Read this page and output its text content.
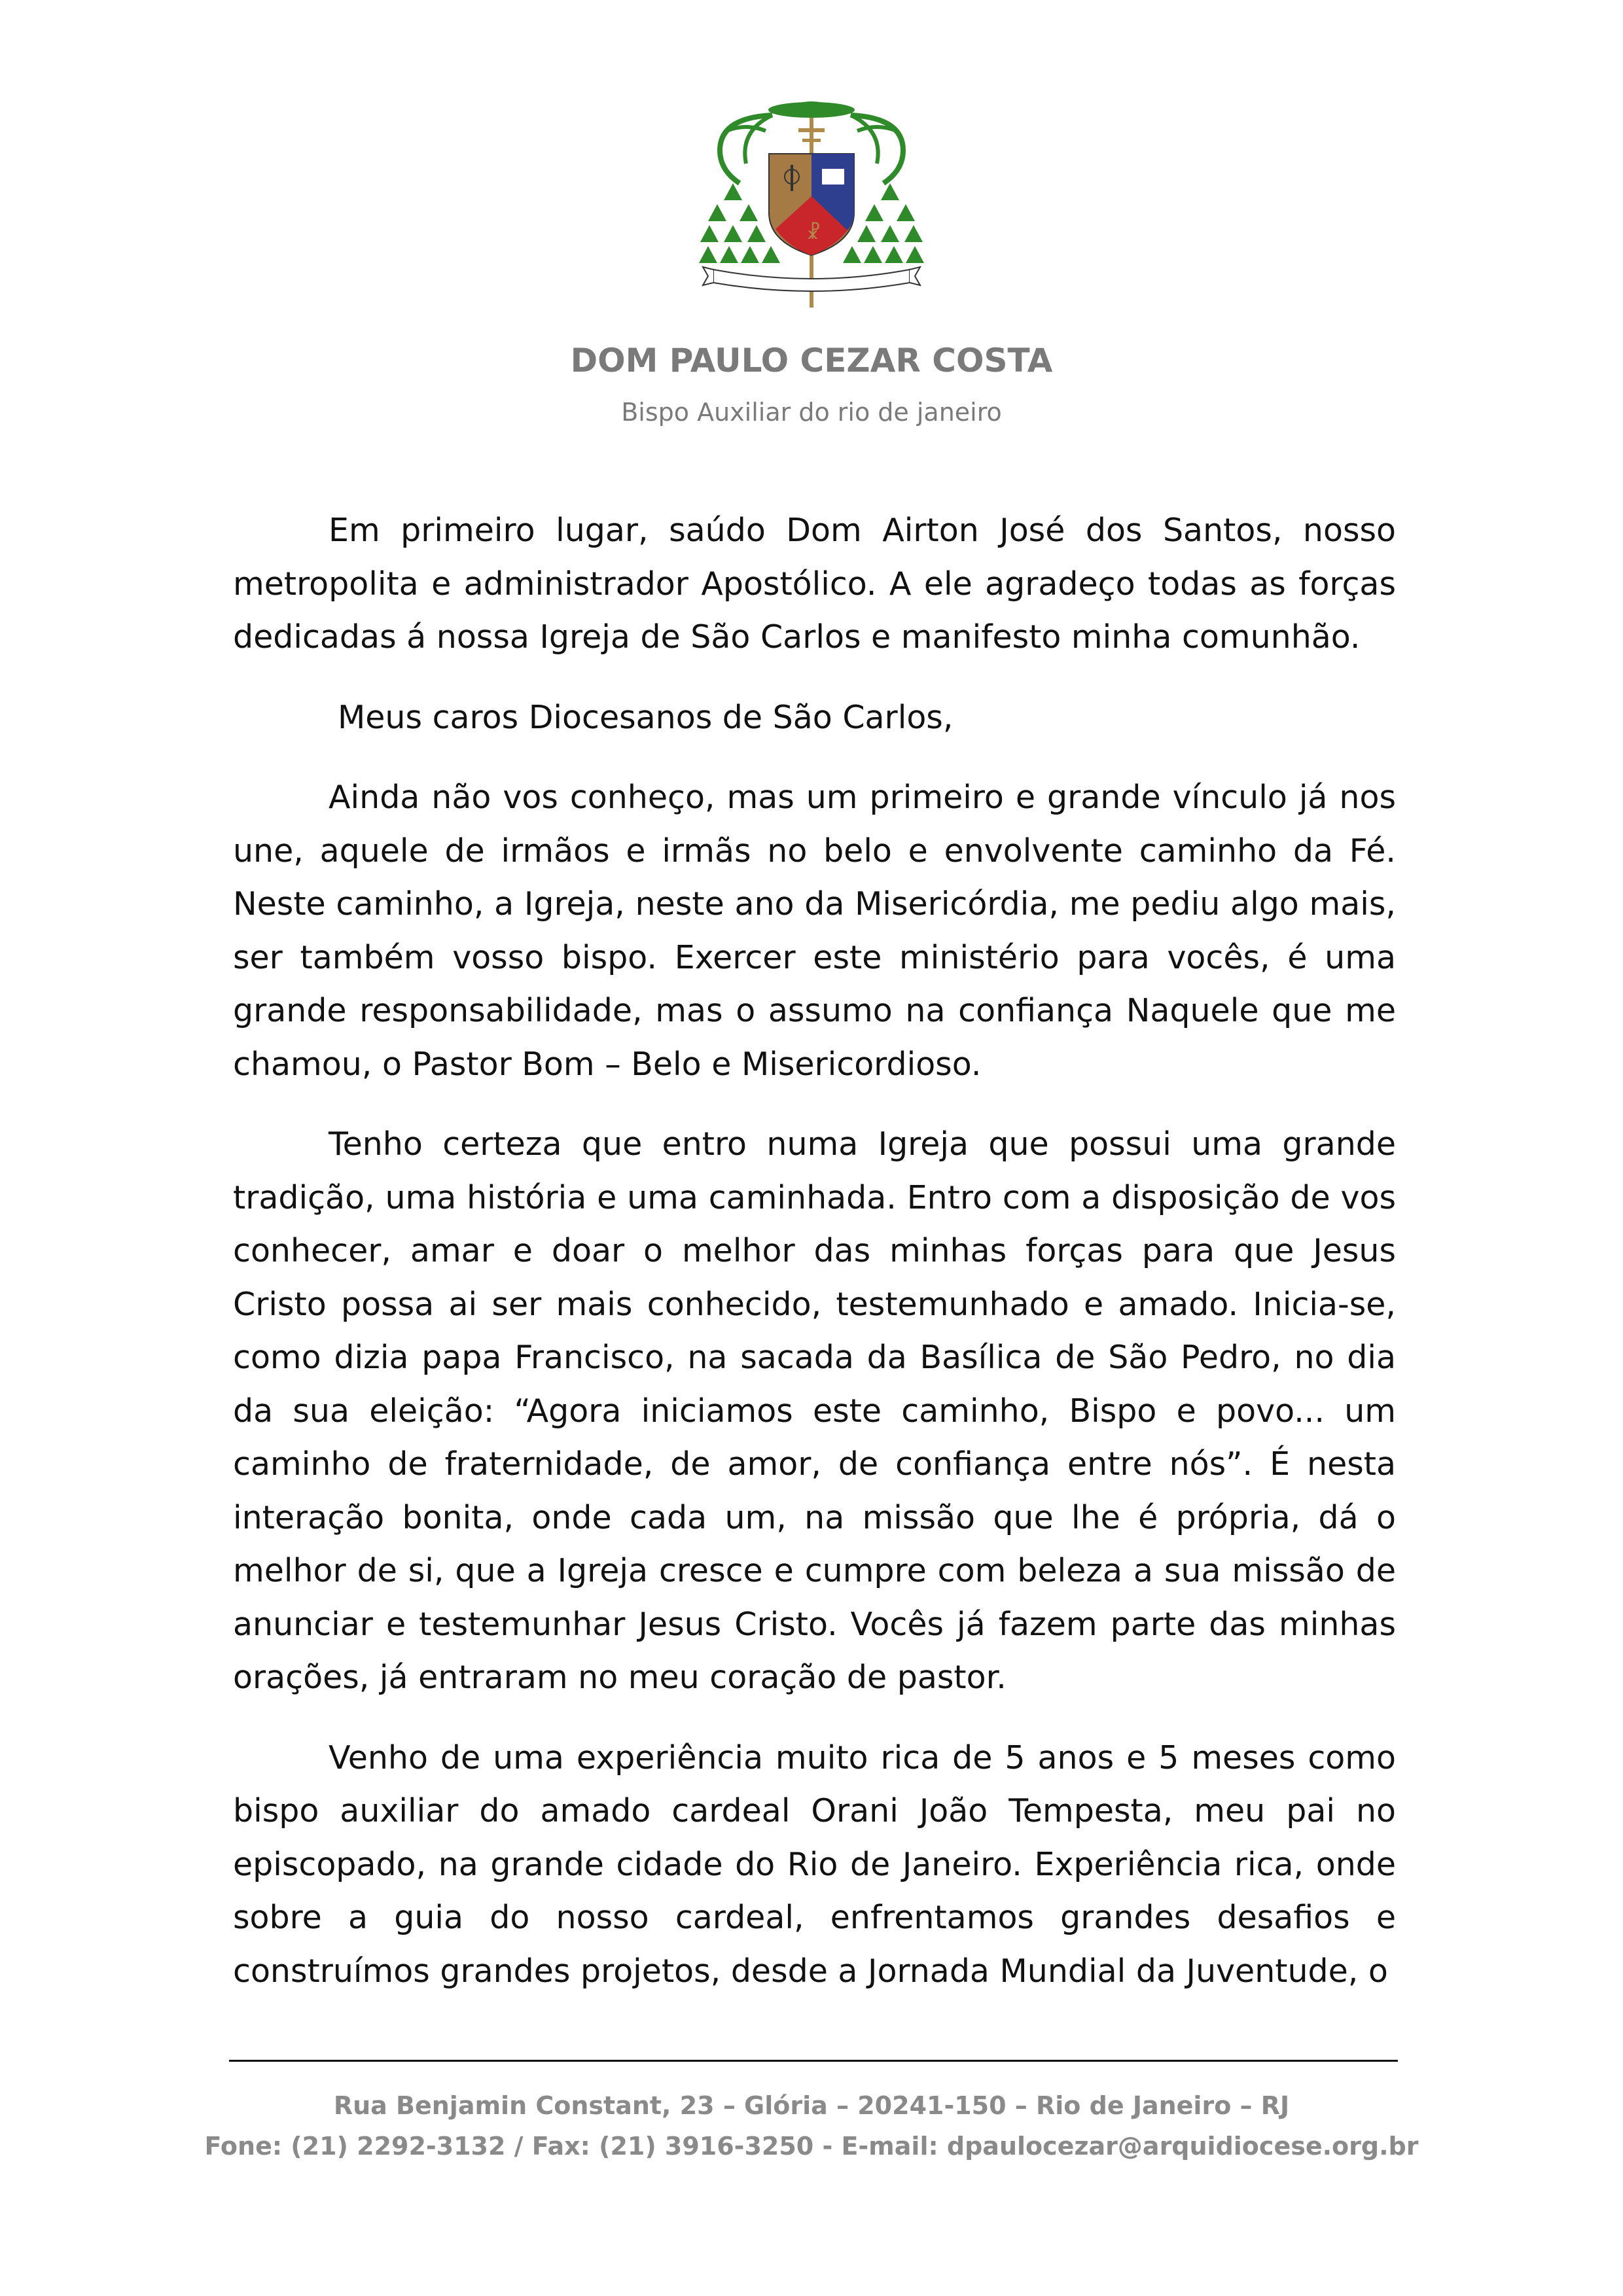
☧
DOM PAULO CEZAR COSTA
Bispo Auxiliar do rio de janeiro

Em primeiro lugar, saúdo Dom Airton José dos Santos, nosso metropolita e administrador Apostólico. A ele agradeço todas as forças dedicadas á nossa Igreja de São Carlos e manifesto minha comunhão.

Meus caros Diocesanos de São Carlos,

Ainda não vos conheço, mas um primeiro e grande vínculo já nos une, aquele de irmãos e irmãs no belo e envolvente caminho da Fé. Neste caminho, a Igreja, neste ano da Misericórdia, me pediu algo mais, ser também vosso bispo. Exercer este ministério para vocês, é uma grande responsabilidade, mas o assumo na confiança Naquele que me chamou, o Pastor Bom – Belo e Misericordioso.

Tenho certeza que entro numa Igreja que possui uma grande tradição, uma história e uma caminhada. Entro com a disposição de vos conhecer, amar e doar o melhor das minhas forças para que Jesus Cristo possa ai ser mais conhecido, testemunhado e amado. Inicia-se, como dizia papa Francisco, na sacada da Basílica de São Pedro, no dia da sua eleição: “Agora iniciamos este caminho, Bispo e povo... um caminho de fraternidade, de amor, de confiança entre nós”. É nesta interação bonita, onde cada um, na missão que lhe é própria, dá o melhor de si, que a Igreja cresce e cumpre com beleza a sua missão de anunciar e testemunhar Jesus Cristo. Vocês já fazem parte das minhas orações, já entraram no meu coração de pastor.

Venho de uma experiência muito rica de 5 anos e 5 meses como bispo auxiliar do amado cardeal Orani João Tempesta, meu pai no episcopado, na grande cidade do Rio de Janeiro. Experiência rica, onde sobre a guia do nosso cardeal, enfrentamos grandes desafios e construímos grandes projetos, desde a Jornada Mundial da Juventude, o

Rua Benjamin Constant, 23 – Glória – 20241-150 – Rio de Janeiro – RJ
Fone: (21) 2292-3132 / Fax: (21) 3916-3250 - E-mail: dpaulocezar@arquidiocese.org.br
